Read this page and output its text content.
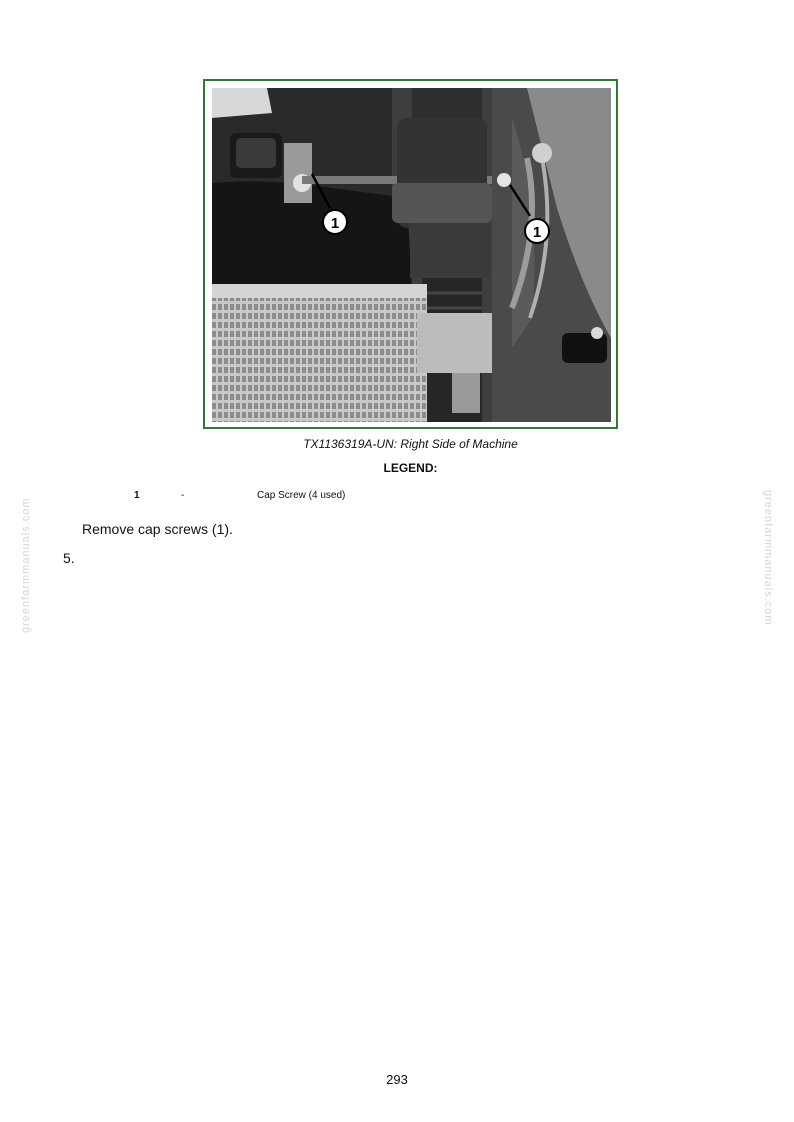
1
1
TX1136319A-UN: Right Side of Machine
LEGEND:
1	-	Cap Screw (4 used)
Remove cap screws (1).
5.
greenfarmmanuals.com	greenfarmmanuals.com
293
